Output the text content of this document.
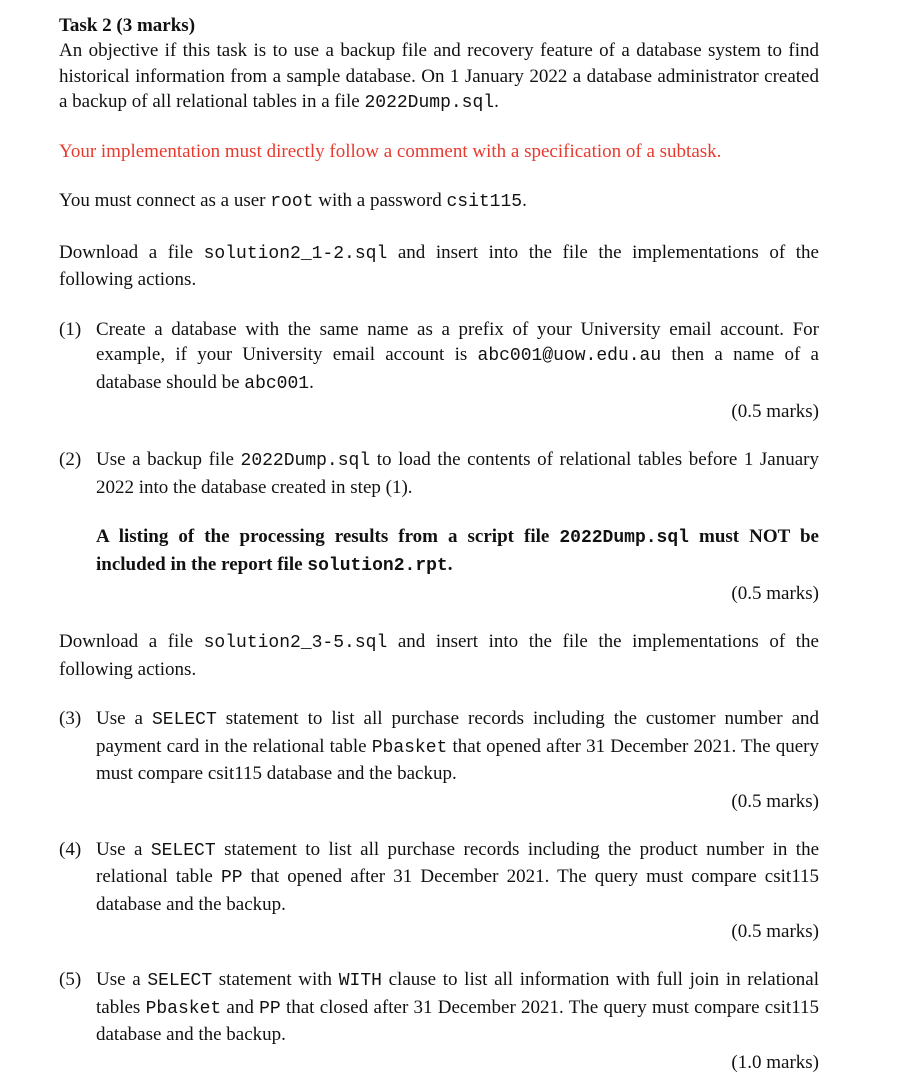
Task 2 (3 marks)
An objective if this task is to use a backup file and recovery feature of a database system to find historical information from a sample database. On 1 January 2022 a database administrator created a backup of all relational tables in a file 2022Dump.sql.
Your implementation must directly follow a comment with a specification of a subtask.
You must connect as a user root with a password csit115.
Download a file solution2_1-2.sql and insert into the file the implementations of the following actions.
(1) Create a database with the same name as a prefix of your University email account. For example, if your University email account is abc001@uow.edu.au then a name of a database should be abc001.
(0.5 marks)
(2) Use a backup file 2022Dump.sql to load the contents of relational tables before 1 January 2022 into the database created in step (1).
A listing of the processing results from a script file 2022Dump.sql must NOT be included in the report file solution2.rpt.
(0.5 marks)
Download a file solution2_3-5.sql and insert into the file the implementations of the following actions.
(3) Use a SELECT statement to list all purchase records including the customer number and payment card in the relational table Pbasket that opened after 31 December 2021. The query must compare csit115 database and the backup.
(0.5 marks)
(4) Use a SELECT statement to list all purchase records including the product number in the relational table PP that opened after 31 December 2021. The query must compare csit115 database and the backup.
(0.5 marks)
(5) Use a SELECT statement with WITH clause to list all information with full join in relational tables Pbasket and PP that closed after 31 December 2021. The query must compare csit115 database and the backup.
(1.0 marks)
